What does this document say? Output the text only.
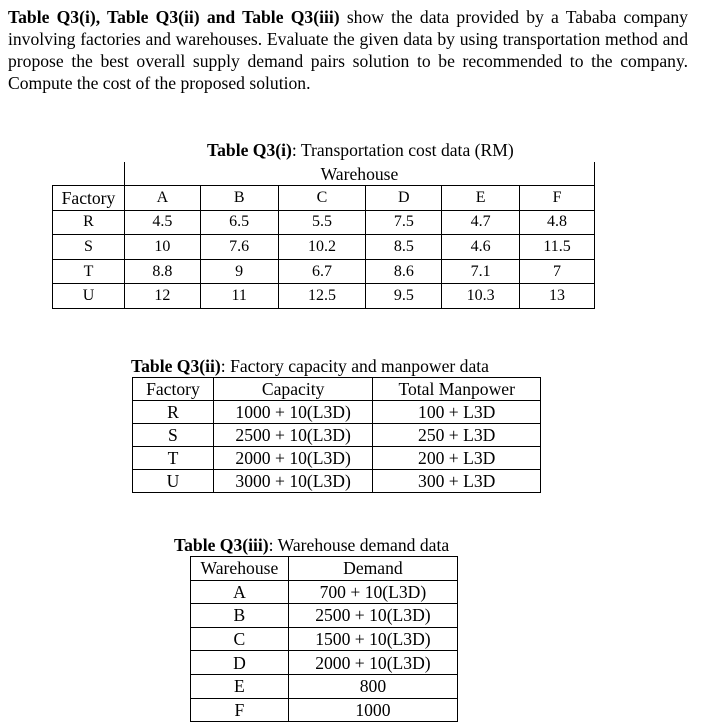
Table Q3(i), Table Q3(ii) and Table Q3(iii) show the data provided by a Tababa company involving factories and warehouses. Evaluate the given data by using transportation method and propose the best overall supply demand pairs solution to be recommended to the company. Compute the cost of the proposed solution.
Table Q3(i): Transportation cost data (RM)
	Warehouse					
Factory	A	B	C	D	E	F
R	4.5	6.5	5.5	7.5	4.7	4.8
S	10	7.6	10.2	8.5	4.6	11.5
T	8.8	9	6.7	8.6	7.1	7
U	12	11	12.5	9.5	10.3	13
Table Q3(ii): Factory capacity and manpower data
Factory	Capacity	Total Manpower
R	1000 + 10(L3D)	100 + L3D
S	2500 + 10(L3D)	250 + L3D
T	2000 + 10(L3D)	200 + L3D
U	3000 + 10(L3D)	300 + L3D
Table Q3(iii): Warehouse demand data
Warehouse	Demand
A	700 + 10(L3D)
B	2500 + 10(L3D)
C	1500 + 10(L3D)
D	2000 + 10(L3D)
E	800
F	1000
